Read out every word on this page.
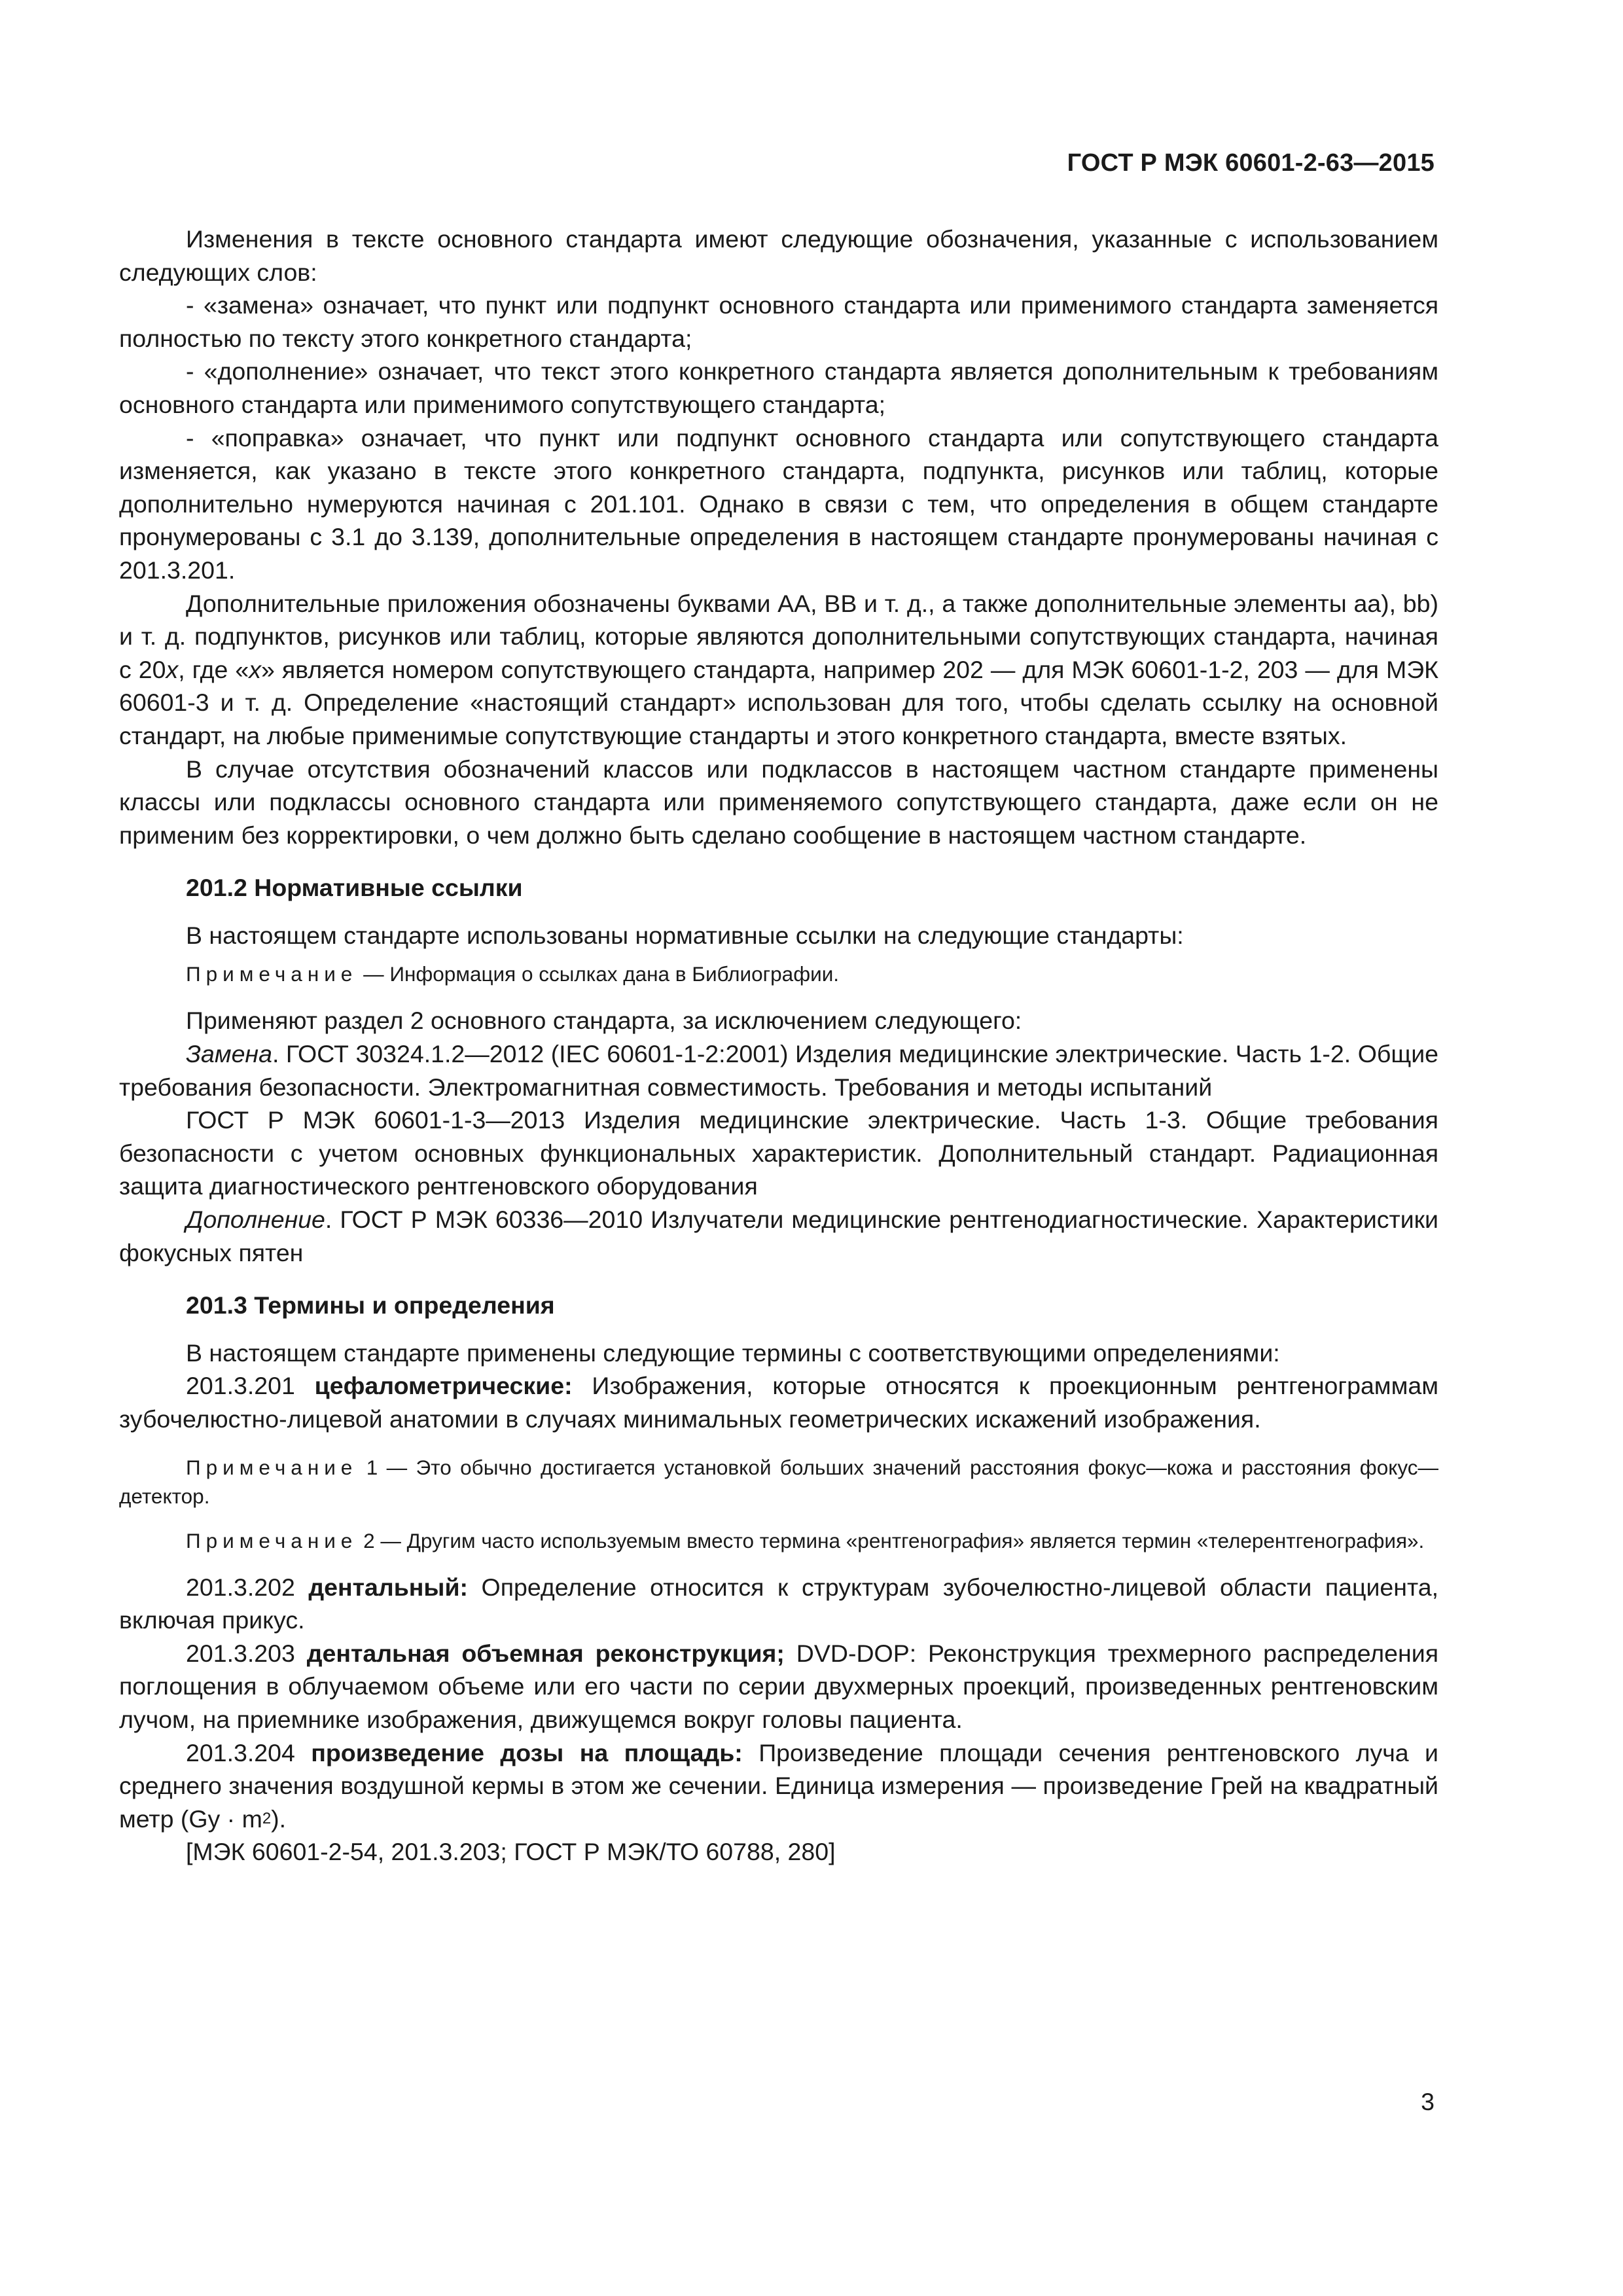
ГОСТ Р МЭК 60601-2-63—2015

Изменения в тексте основного стандарта имеют следующие обозначения, указанные с использованием следующих слов:

- «замена» означает, что пункт или подпункт основного стандарта или применимого стандарта заменяется полностью по тексту этого конкретного стандарта;

- «дополнение» означает, что текст этого конкретного стандарта является дополнительным к требованиям основного стандарта или применимого сопутствующего стандарта;

- «поправка» означает, что пункт или подпункт основного стандарта или сопутствующего стандарта изменяется, как указано в тексте этого конкретного стандарта, подпункта, рисунков или таблиц, которые дополнительно нумеруются начиная с 201.101. Однако в связи с тем, что определения в общем стандарте пронумерованы с 3.1 до 3.139, дополнительные определения в настоящем стандарте пронумерованы начиная с 201.3.201.

Дополнительные приложения обозначены буквами АА, ВВ и т. д., а также дополнительные элементы аа), bb) и т. д. подпунктов, рисунков или таблиц, которые являются дополнительными сопутствующих стандарта, начиная с 20x, где «x» является номером сопутствующего стандарта, например 202 — для МЭК 60601-1-2, 203 — для МЭК 60601-3 и т. д. Определение «настоящий стандарт» использован для того, чтобы сделать ссылку на основной стандарт, на любые применимые сопутствующие стандарты и этого конкретного стандарта, вместе взятых.

В случае отсутствия обозначений классов или подклассов в настоящем частном стандарте применены классы или подклассы основного стандарта или применяемого сопутствующего стандарта, даже если он не применим без корректировки, о чем должно быть сделано сообщение в настоящем частном стандарте.

201.2 Нормативные ссылки

В настоящем стандарте использованы нормативные ссылки на следующие стандарты:

Примечание — Информация о ссылках дана в Библиографии.

Применяют раздел 2 основного стандарта, за исключением следующего:

Замена. ГОСТ 30324.1.2—2012 (IEC 60601-1-2:2001) Изделия медицинские электрические. Часть 1-2. Общие требования безопасности. Электромагнитная совместимость. Требования и методы испытаний

ГОСТ Р МЭК 60601-1-3—2013 Изделия медицинские электрические. Часть 1-3. Общие требования безопасности с учетом основных функциональных характеристик. Дополнительный стандарт. Радиационная защита диагностического рентгеновского оборудования

Дополнение. ГОСТ Р МЭК 60336—2010 Излучатели медицинские рентгенодиагностические. Характеристики фокусных пятен

201.3 Термины и определения

В настоящем стандарте применены следующие термины с соответствующими определениями:

201.3.201 цефалометрические: Изображения, которые относятся к проекционным рентгенограммам зубочелюстно-лицевой анатомии в случаях минимальных геометрических искажений изображения.

Примечание 1 — Это обычно достигается установкой больших значений расстояния фокус—кожа и расстояния фокус—детектор.

Примечание 2 — Другим часто используемым вместо термина «рентгенография» является термин «телерентгенография».

201.3.202 дентальный: Определение относится к структурам зубочелюстно-лицевой области пациента, включая прикус.

201.3.203 дентальная объемная реконструкция; DVD-DOP: Реконструкция трехмерного распределения поглощения в облучаемом объеме или его части по серии двухмерных проекций, произведенных рентгеновским лучом, на приемнике изображения, движущемся вокруг головы пациента.

201.3.204 произведение дозы на площадь: Произведение площади сечения рентгеновского луча и среднего значения воздушной кермы в этом же сечении. Единица измерения — произведение Грей на квадратный метр $(Gy \cdot m^2)$.

[МЭК 60601-2-54, 201.3.203; ГОСТ Р МЭК/ТО 60788, 280]

3
